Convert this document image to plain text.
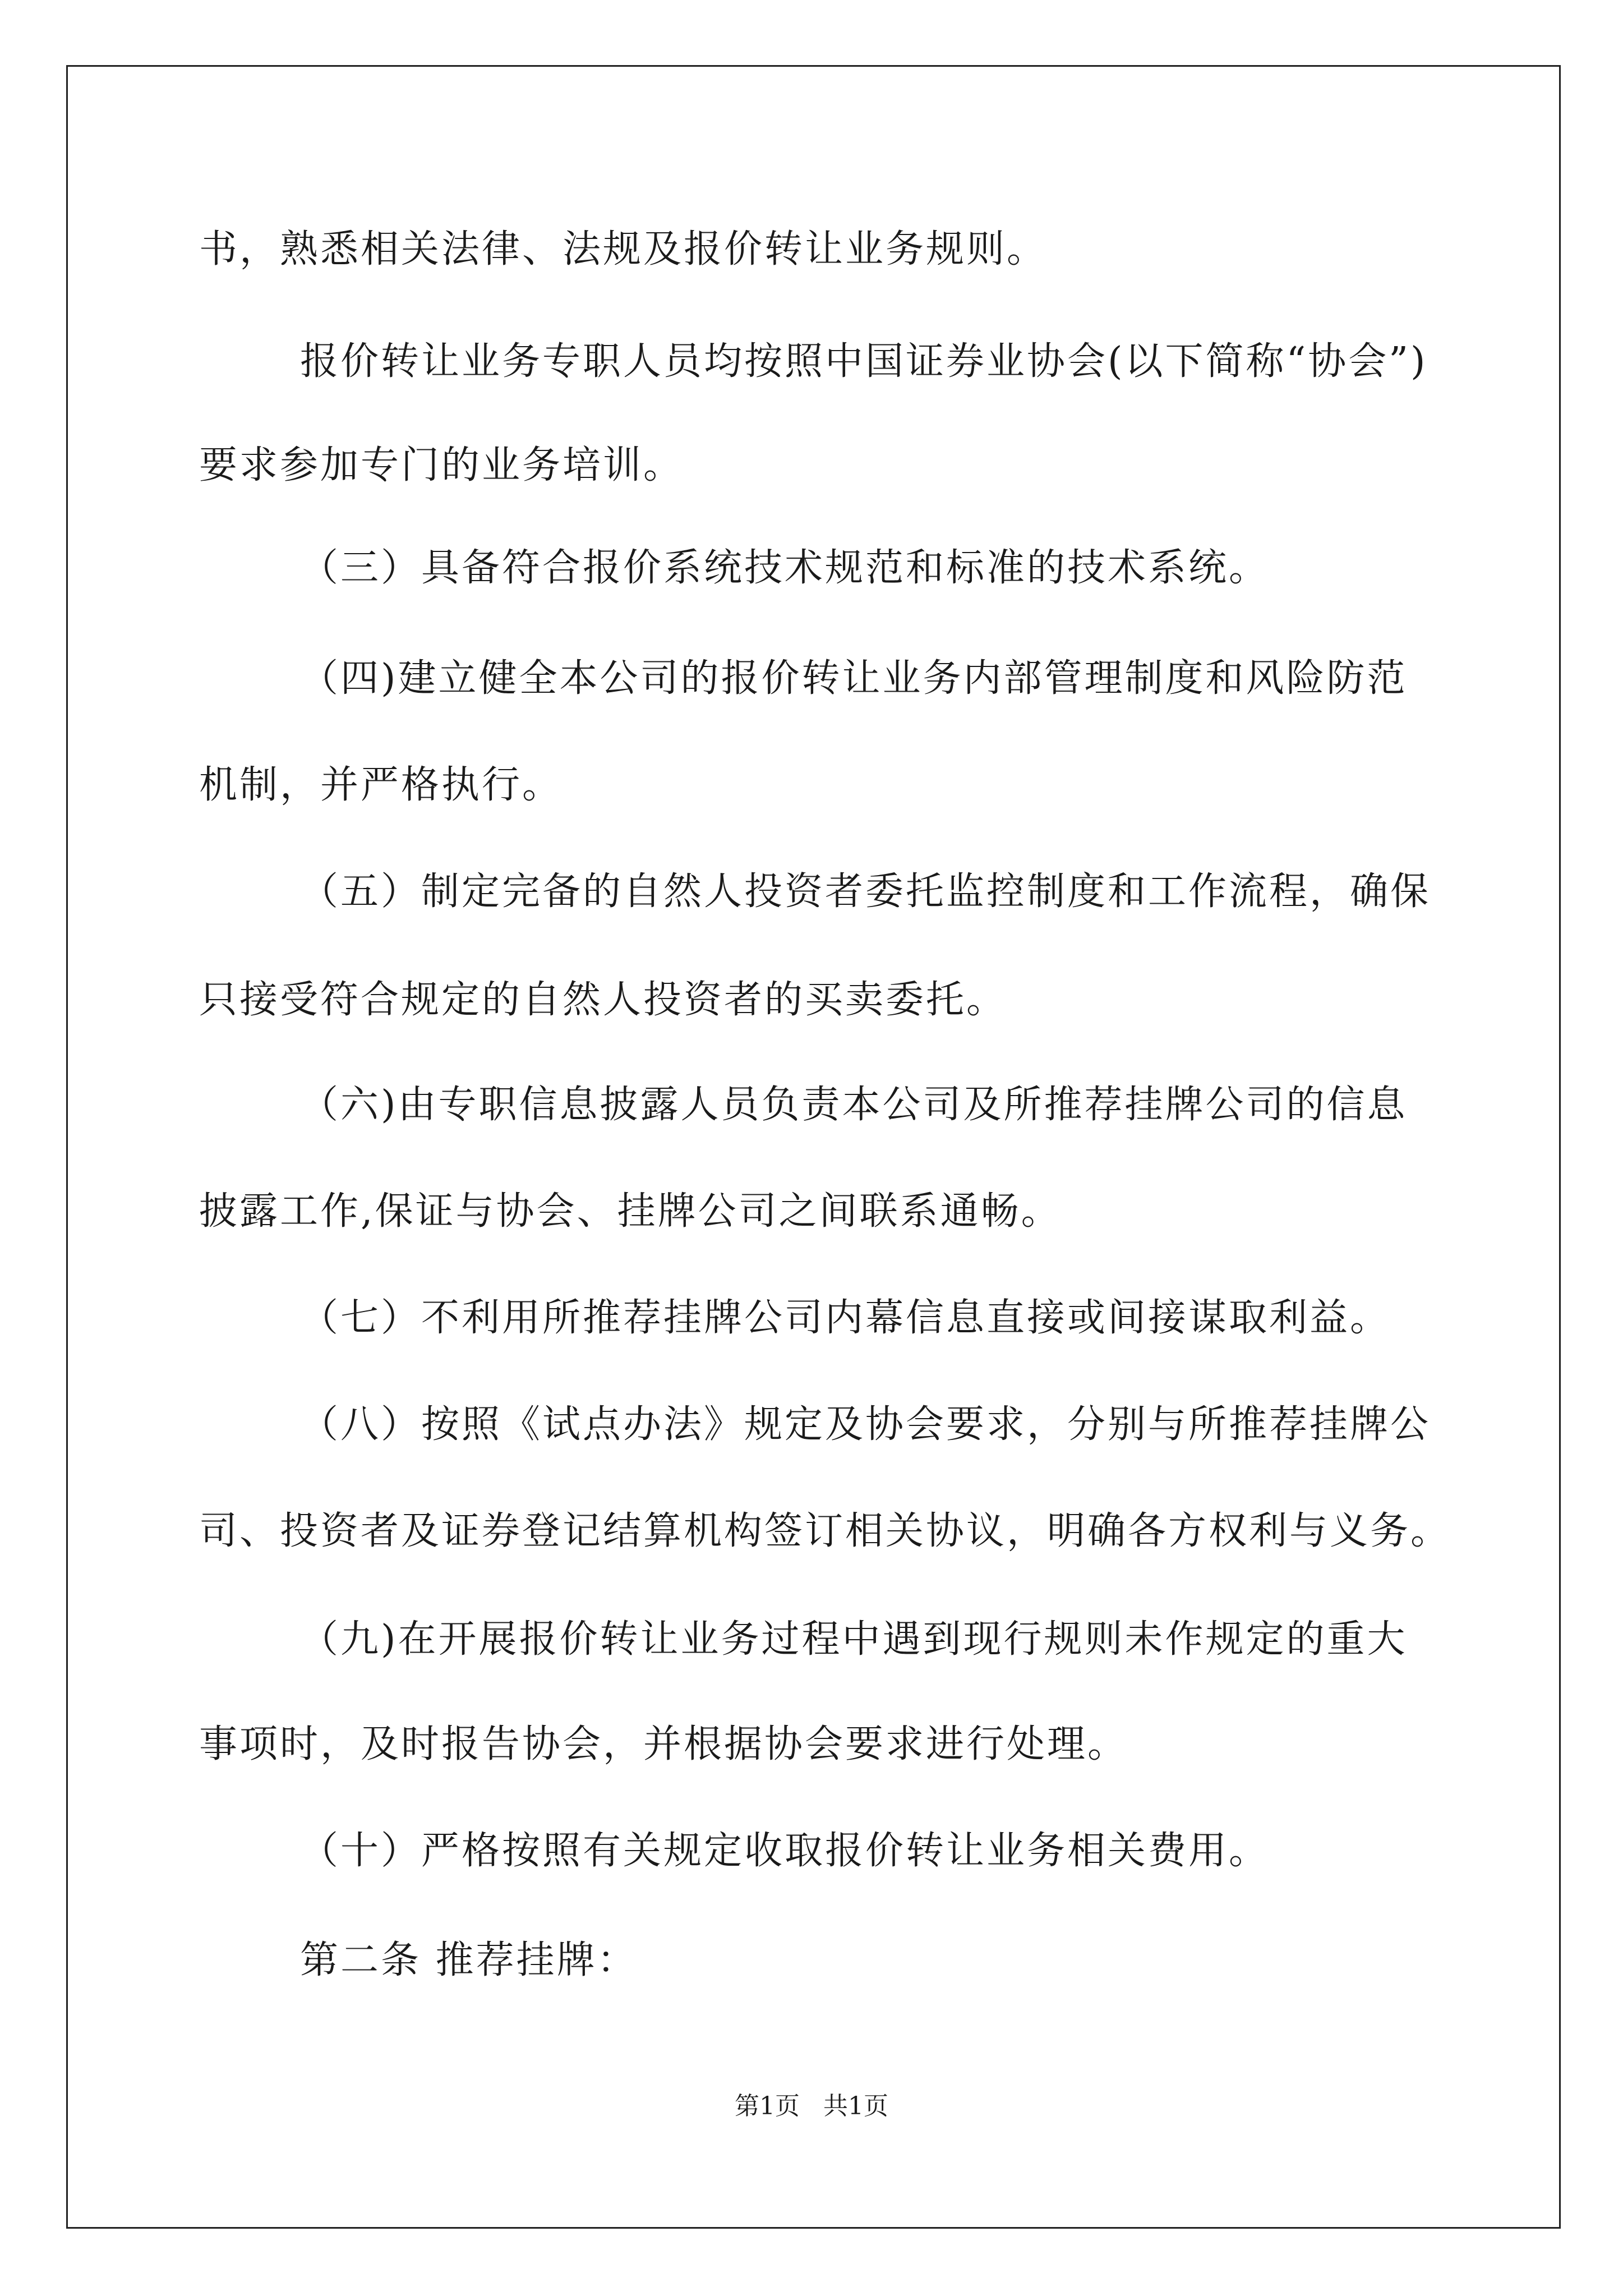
书，熟悉相关法律、法规及报价转让业务规则。
报价转让业务专职人员均按照中国证券业协会(以下简称“协会”)
要求参加专门的业务培训。
（三）具备符合报价系统技术规范和标准的技术系统。
（四)建立健全本公司的报价转让业务内部管理制度和风险防范
机制，并严格执行。
（五）制定完备的自然人投资者委托监控制度和工作流程，确保
只接受符合规定的自然人投资者的买卖委托。
（六)由专职信息披露人员负责本公司及所推荐挂牌公司的信息
披露工作,保证与协会、挂牌公司之间联系通畅。
（七）不利用所推荐挂牌公司内幕信息直接或间接谋取利益。
（八）按照《试点办法》规定及协会要求，分别与所推荐挂牌公
司、投资者及证券登记结算机构签订相关协议，明确各方权利与义务。
（九)在开展报价转让业务过程中遇到现行规则未作规定的重大
事项时，及时报告协会，并根据协会要求进行处理。
（十）严格按照有关规定收取报价转让业务相关费用。
第二条 推荐挂牌：
第1页   共1页
